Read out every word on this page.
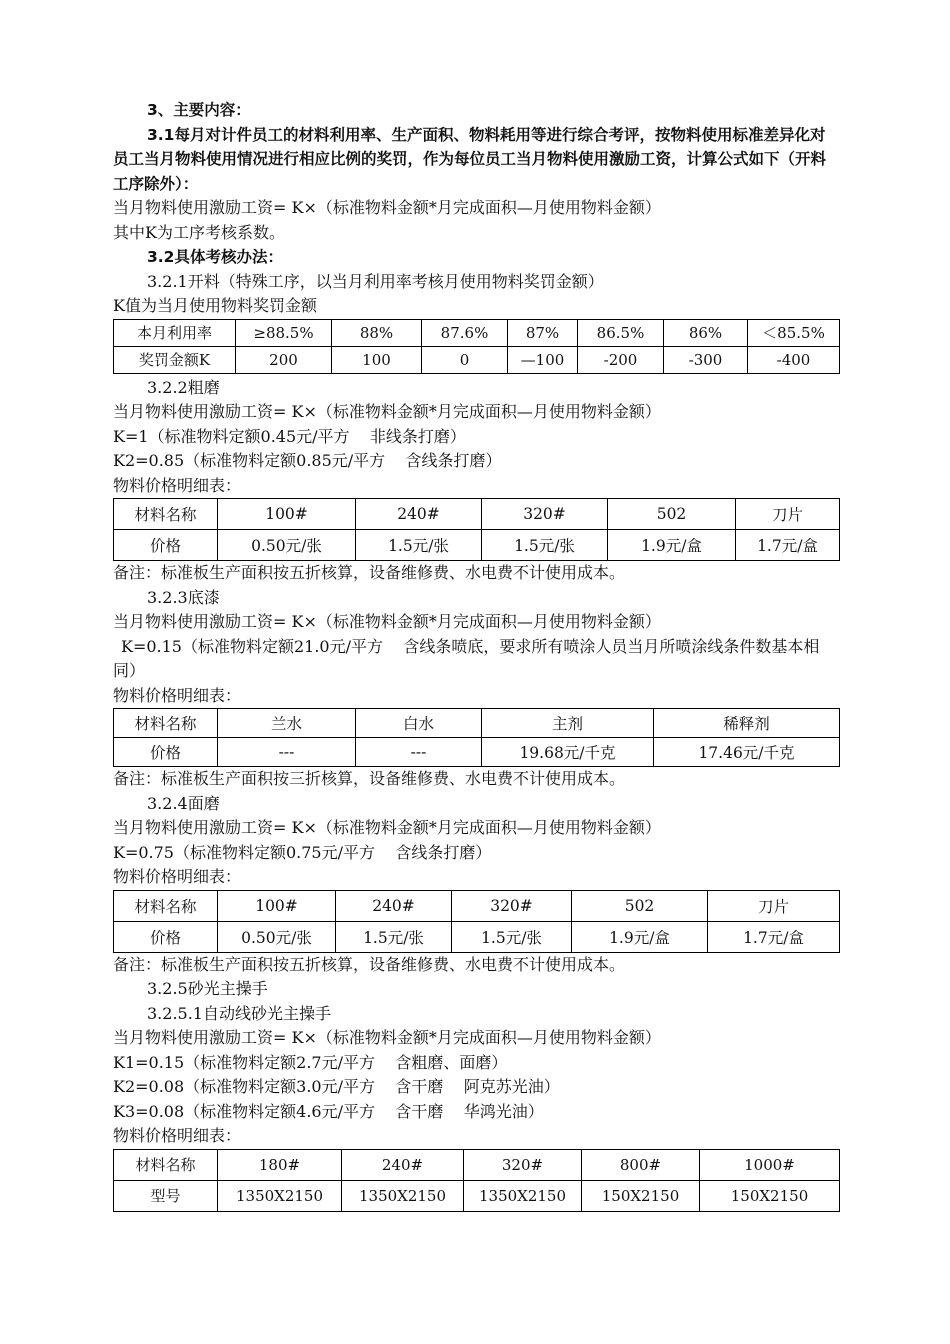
3、主要内容：
3.1每月对计件员工的材料利用率、生产面积、物料耗用等进行综合考评，按物料使用标准差异化对员工当月物料使用情况进行相应比例的奖罚，作为每位员工当月物料使用激励工资，计算公式如下（开料工序除外）：
当月物料使用激励工资= K×（标准物料金额*月完成面积—月使用物料金额）
其中K为工序考核系数。
3.2具体考核办法：
3.2.1开料（特殊工序，以当月利用率考核月使用物料奖罚金额）
K值为当月使用物料奖罚金额
本月利用率	≥88.5%	88%	87.6%	87%	86.5%	86%	＜85.5%
奖罚金额K	200	100	0	—100	-200	-300	-400
3.2.2粗磨
当月物料使用激励工资= K×（标准物料金额*月完成面积—月使用物料金额）
K=1（标准物料定额0.45元/平方    非线条打磨）
K2=0.85（标准物料定额0.85元/平方    含线条打磨）
物料价格明细表：
材料名称	100#	240#	320#	502	刀片
价格	0.50元/张	1.5元/张	1.5元/张	1.9元/盒	1.7元/盒
备注：标准板生产面积按五折核算，设备维修费、水电费不计使用成本。
3.2.3底漆
当月物料使用激励工资= K×（标准物料金额*月完成面积—月使用物料金额）
K=0.15（标准物料定额21.0元/平方    含线条喷底，要求所有喷涂人员当月所喷涂线条件数基本相同）
物料价格明细表：
材料名称	兰水	白水	主剂	稀释剂
价格	---	---	19.68元/千克	17.46元/千克
备注：标准板生产面积按三折核算，设备维修费、水电费不计使用成本。
3.2.4面磨
当月物料使用激励工资= K×（标准物料金额*月完成面积—月使用物料金额）
K=0.75（标准物料定额0.75元/平方    含线条打磨）
物料价格明细表：
材料名称	100#	240#	320#	502	刀片
价格	0.50元/张	1.5元/张	1.5元/张	1.9元/盒	1.7元/盒
备注：标准板生产面积按五折核算，设备维修费、水电费不计使用成本。
3.2.5砂光主操手
3.2.5.1自动线砂光主操手
当月物料使用激励工资= K×（标准物料金额*月完成面积—月使用物料金额）
K1=0.15（标准物料定额2.7元/平方    含粗磨、面磨）
K2=0.08（标准物料定额3.0元/平方    含干磨    阿克苏光油）
K3=0.08（标准物料定额4.6元/平方    含干磨    华鸿光油）
物料价格明细表：
材料名称	180#	240#	320#	800#	1000#
型号	1350X2150	1350X2150	1350X2150	150X2150	150X2150
